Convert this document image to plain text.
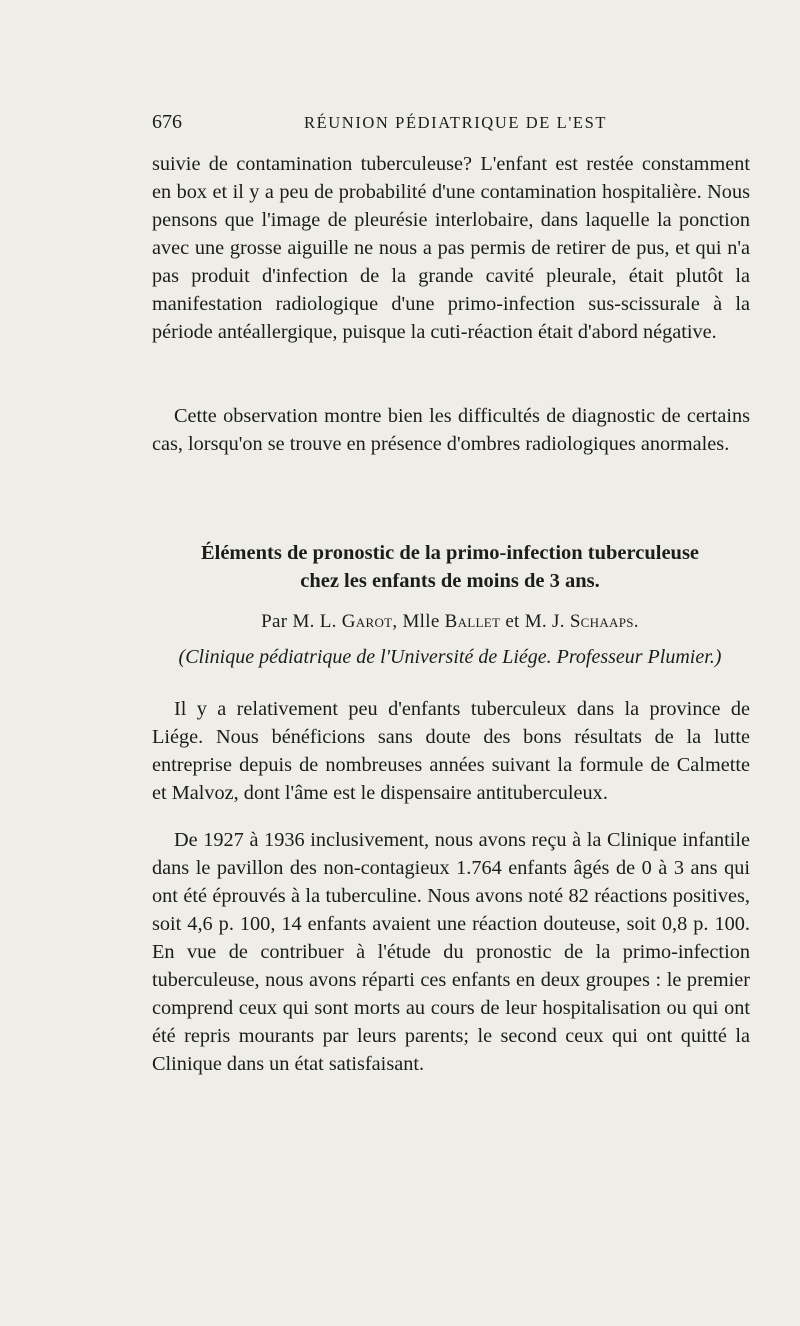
676	RÉUNION PÉDIATRIQUE DE L'EST

suivie de contamination tuberculeuse? L'enfant est restée constamment en box et il y a peu de probabilité d'une contamination hospitalière. Nous pensons que l'image de pleurésie interlobaire, dans laquelle la ponction avec une grosse aiguille ne nous a pas permis de retirer de pus, et qui n'a pas produit d'infection de la grande cavité pleurale, était plutôt la manifestation radiologique d'une primo-infection sus-scissurale à la période antéallergique, puisque la cuti-réaction était d'abord négative.

Cette observation montre bien les difficultés de diagnostic de certains cas, lorsqu'on se trouve en présence d'ombres radiologiques anormales.

Éléments de pronostic de la primo-infection tuberculeuse
chez les enfants de moins de 3 ans.
Par M. L. Garot, Mlle Ballet et M. J. Schaaps.
(Clinique pédiatrique de l'Université de Liége. Professeur Plumier.)

Il y a relativement peu d'enfants tuberculeux dans la province de Liége. Nous bénéficions sans doute des bons résultats de la lutte entreprise depuis de nombreuses années suivant la formule de Calmette et Malvoz, dont l'âme est le dispensaire antituberculeux.

De 1927 à 1936 inclusivement, nous avons reçu à la Clinique infantile dans le pavillon des non-contagieux 1.764 enfants âgés de 0 à 3 ans qui ont été éprouvés à la tuberculine. Nous avons noté 82 réactions positives, soit 4,6 p. 100, 14 enfants avaient une réaction douteuse, soit 0,8 p. 100. En vue de contribuer à l'étude du pronostic de la primo-infection tuberculeuse, nous avons réparti ces enfants en deux groupes : le premier comprend ceux qui sont morts au cours de leur hospitalisation ou qui ont été repris mourants par leurs parents; le second ceux qui ont quitté la Clinique dans un état satisfaisant.
